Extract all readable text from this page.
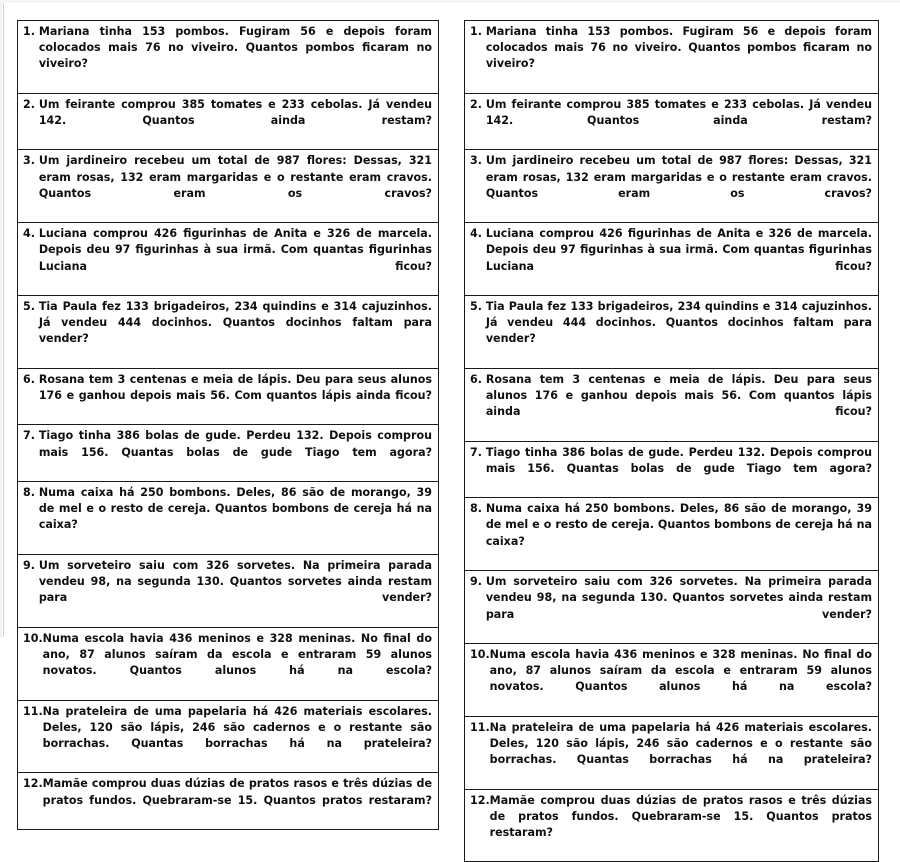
1.
Mariana tinha 153 pombos. Fugiram 56 e depois foram colocados mais 76 no viveiro. Quantos pombos ficaram no viveiro?

2.
Um feirante comprou 385 tomates e 233 cebolas. Já vendeu 142. Quantos ainda restam?

3.
Um jardineiro recebeu um total de 987 flores: Dessas, 321 eram rosas, 132 eram margaridas e o restante eram cravos. Quantos eram os cravos?

4.
Luciana comprou 426 figurinhas de Anita e 326 de marcela. Depois deu 97 figurinhas à sua irmã. Com quantas figurinhas Luciana ficou?

5.
Tia Paula fez 133 brigadeiros, 234 quindins e 314 cajuzinhos. Já vendeu 444 docinhos. Quantos docinhos faltam para vender?

6.
Rosana tem 3 centenas e meia de lápis. Deu para seus alunos 176 e ganhou depois mais 56. Com quantos lápis ainda ficou?

7.
Tiago tinha 386 bolas de gude. Perdeu 132. Depois comprou mais 156. Quantas bolas de gude Tiago tem agora?

8.
Numa caixa há 250 bombons. Deles, 86 são de morango, 39 de mel e o resto de cereja. Quantos bombons de cereja há na caixa?

9.
Um sorveteiro saiu com 326 sorvetes. Na primeira parada vendeu 98, na segunda 130. Quantos sorvetes ainda restam para vender?

10. Numa escola havia 436 meninos e 328 meninas. No final do ano, 87 alunos saíram da escola e entraram 59 alunos novatos. Quantos alunos há na escola?

11. Na prateleira de uma papelaria há 426 materiais escolares. Deles, 120 são lápis, 246 são cadernos e o restante são borrachas. Quantas borrachas há na prateleira?

12. Mamãe comprou duas dúzias de pratos rasos e três dúzias de pratos fundos. Quebraram-se 15. Quantos pratos restaram?
1.
Mariana tinha 153 pombos. Fugiram 56 e depois foram colocados mais 76 no viveiro. Quantos pombos ficaram no viveiro?

2.
Um feirante comprou 385 tomates e 233 cebolas. Já vendeu 142. Quantos ainda restam?

3.
Um jardineiro recebeu um total de 987 flores: Dessas, 321 eram rosas, 132 eram margaridas e o restante eram cravos. Quantos eram os cravos?

4.
Luciana comprou 426 figurinhas de Anita e 326 de marcela. Depois deu 97 figurinhas à sua irmã. Com quantas figurinhas Luciana ficou?

5.
Tia Paula fez 133 brigadeiros, 234 quindins e 314 cajuzinhos. Já vendeu 444 docinhos. Quantos docinhos faltam para vender?

6.
Rosana tem 3 centenas e meia de lápis. Deu para seus alunos 176 e ganhou depois mais 56. Com quantos lápis ainda ficou?

7.
Tiago tinha 386 bolas de gude. Perdeu 132. Depois comprou mais 156. Quantas bolas de gude Tiago tem agora?

8.
Numa caixa há 250 bombons. Deles, 86 são de morango, 39 de mel e o resto de cereja. Quantos bombons de cereja há na caixa?

9.
Um sorveteiro saiu com 326 sorvetes. Na primeira parada vendeu 98, na segunda 130. Quantos sorvetes ainda restam para vender?

10. Numa escola havia 436 meninos e 328 meninas. No final do ano, 87 alunos saíram da escola e entraram 59 alunos novatos. Quantos alunos há na escola?

11. Na prateleira de uma papelaria há 426 materiais escolares. Deles, 120 são lápis, 246 são cadernos e o restante são borrachas. Quantas borrachas há na prateleira?

12. Mamãe comprou duas dúzias de pratos rasos e três dúzias de pratos fundos. Quebraram-se 15. Quantos pratos restaram?
